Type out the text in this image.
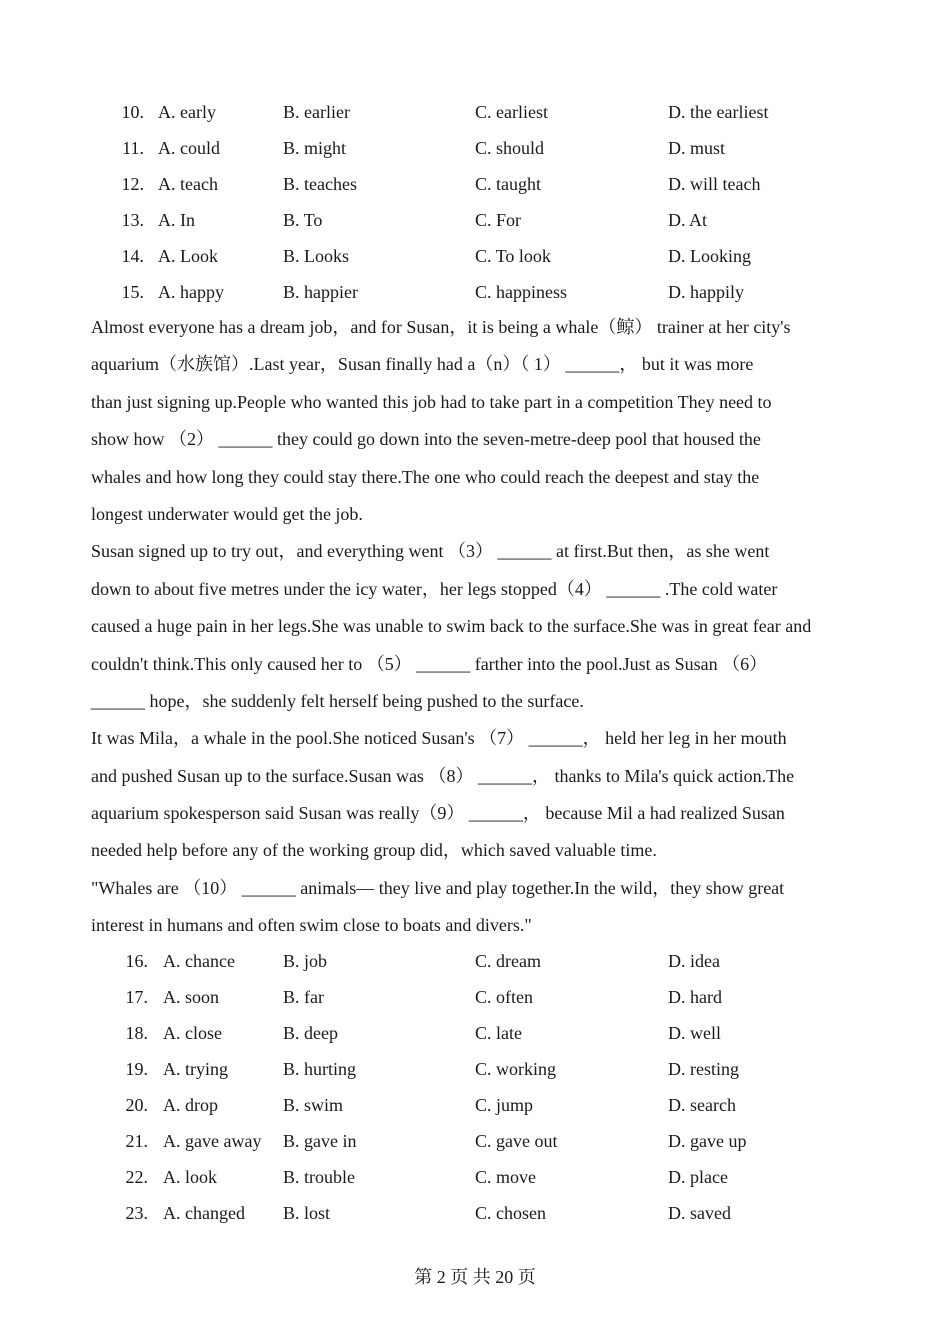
10. A. early	B. earlier	C. earliest	D. the earliest
11. A. could	B. might	C. should	D. must
12. A. teach	B. teaches	C. taught	D. will teach
13. A. In	B. To	C. For	D. At
14. A. Look	B. Looks	C. To look	D. Looking
15. A. happy	B. happier	C. happiness	D. happily
Almost everyone has a dream job，and for Susan，it is being a whale（鲸） trainer at her city's
aquarium（水族馆）.Last year，Susan finally had a（n）（ 1） ______， but it was more
than just signing up.People who wanted this job had to take part in a competition They need to
show how （2） ______ they could go down into the seven-metre-deep pool that housed the
whales and how long they could stay there.The one who could reach the deepest and stay the
longest underwater would get the job.
Susan signed up to try out，and everything went （3） ______ at first.But then，as she went
down to about five metres under the icy water，her legs stopped（4） ______ .The cold water
caused a huge pain in her legs.She was unable to swim back to the surface.She was in great fear and
couldn't think.This only caused her to （5） ______ farther into the pool.Just as Susan （6）
______ hope，she suddenly felt herself being pushed to the surface.
It was Mila，a whale in the pool.She noticed Susan's （7） ______， held her leg in her mouth
and pushed Susan up to the surface.Susan was （8） ______， thanks to Mila's quick action.The
aquarium spokesperson said Susan was really（9） ______， because Mil a had realized Susan
needed help before any of the working group did，which saved valuable time.
"Whales are （10） ______ animals— they live and play together.In the wild，they show great
interest in humans and often swim close to boats and divers."
16. A. chance	B. job	C. dream	D. idea
17. A. soon	B. far	C. often	D. hard
18. A. close	B. deep	C. late	D. well
19. A. trying	B. hurting	C. working	D. resting
20. A. drop	B. swim	C. jump	D. search
21. A. gave away B. gave in	C. gave out	D. gave up
22. A. look	B. trouble	C. move	D. place
23. A. changed B. lost	C. chosen	D. saved
第 2 页 共 20 页
